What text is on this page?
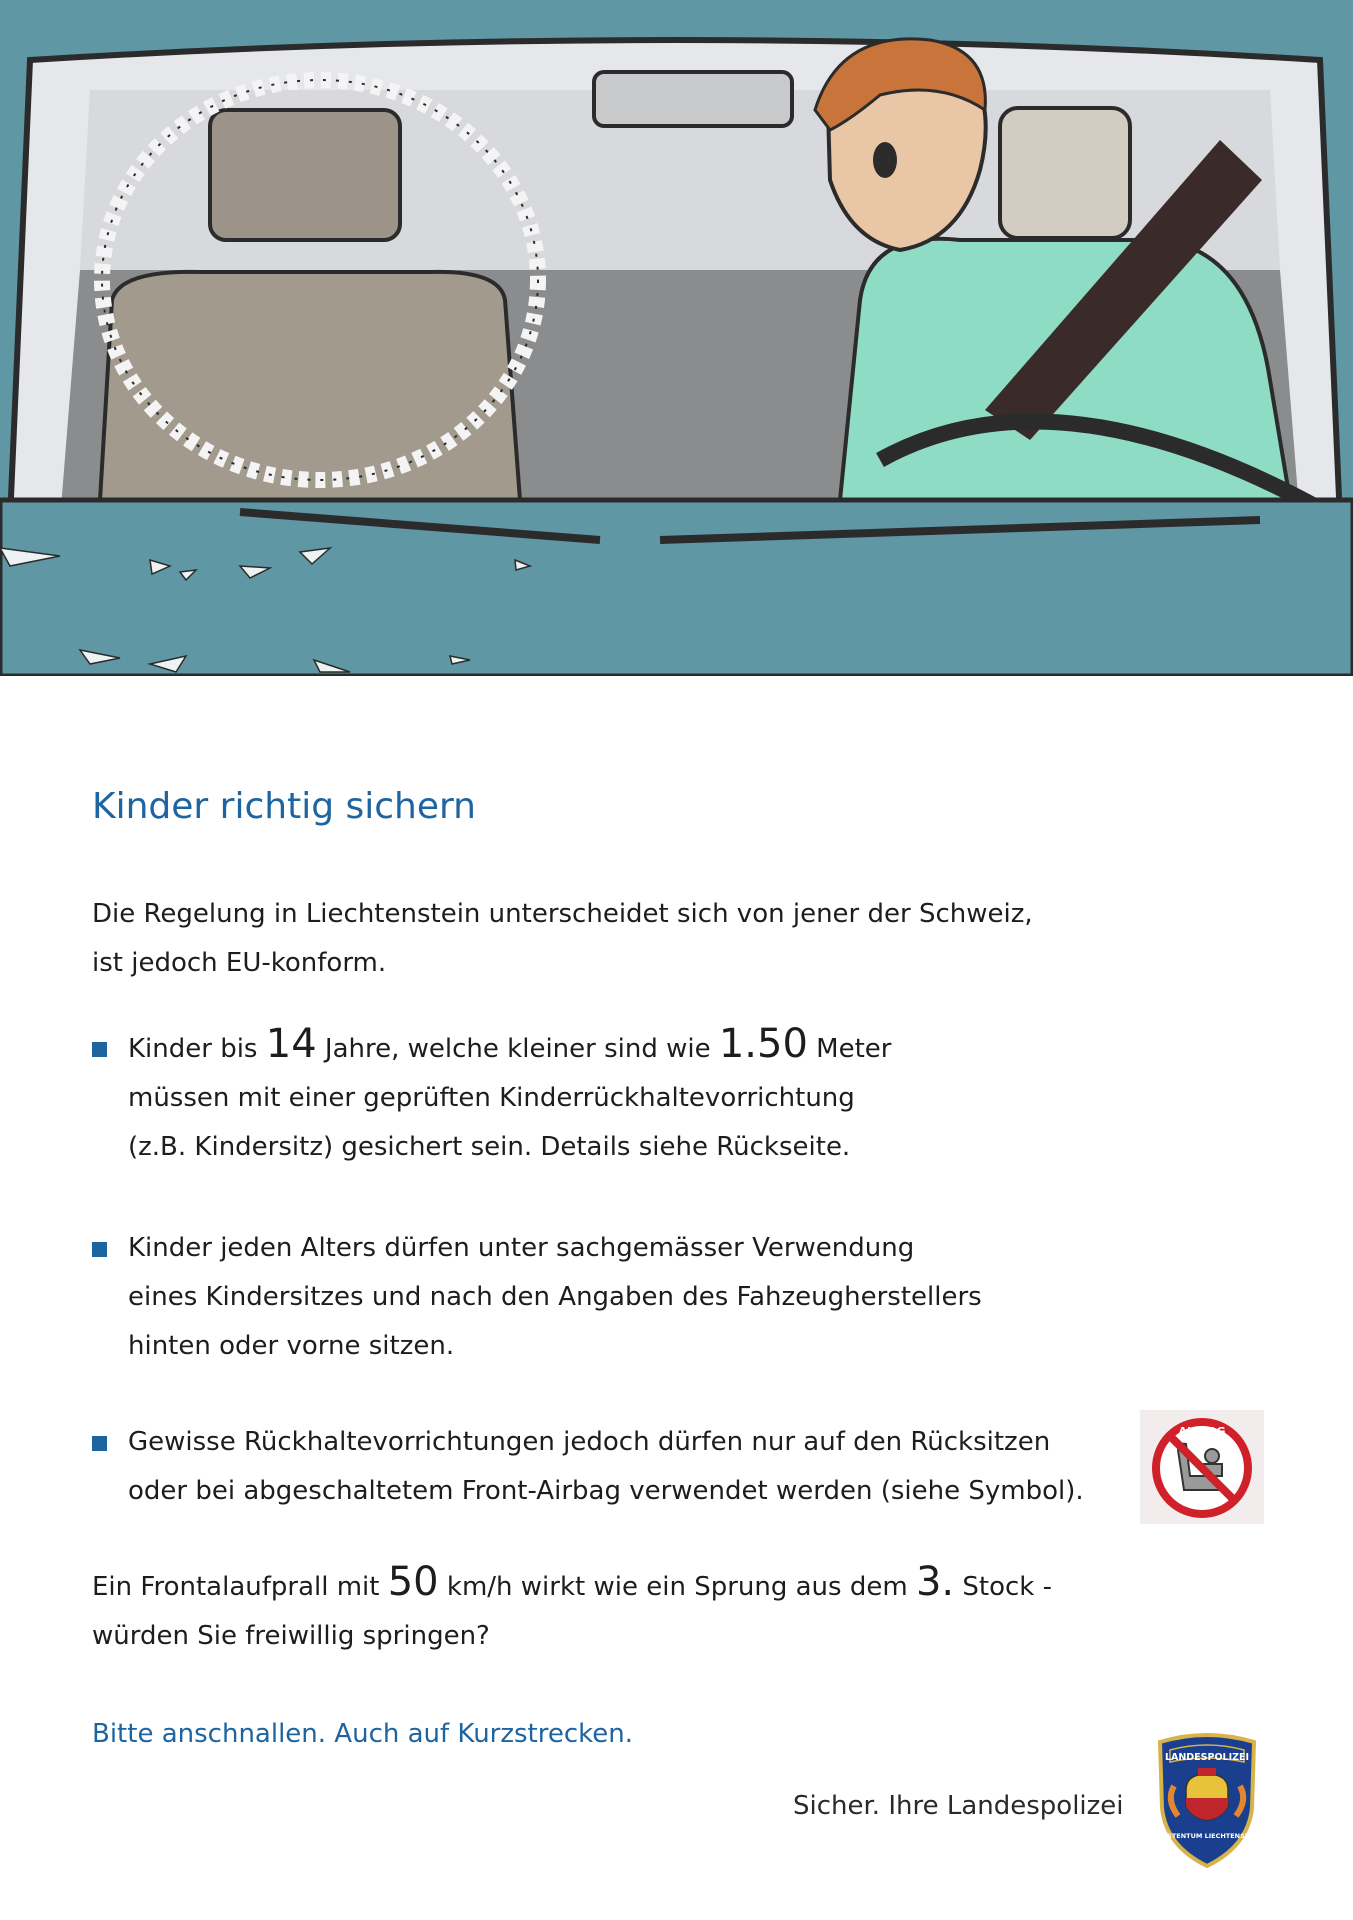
Kinder richtig sichern
Die Regelung in Liechtenstein unterscheidet sich von jener der Schweiz,
ist jedoch EU-konform.
Kinder bis 14 Jahre, welche kleiner sind wie 1.50 Meter
müssen mit einer geprüften Kinderrückhaltevorrichtung
(z.B. Kindersitz) gesichert sein. Details siehe Rückseite.
Kinder jeden Alters dürfen unter sachgemässer Verwendung
eines Kindersitzes und nach den Angaben des Fahzeugherstellers
hinten oder vorne sitzen.
Gewisse Rückhaltevorrichtungen jedoch dürfen nur auf den Rücksitzen
oder bei abgeschaltetem Front-Airbag verwendet werden (siehe Symbol).
AIRBAG
Ein Frontalaufprall mit 50 km/h wirkt wie ein Sprung aus dem 3. Stock -
würden Sie freiwillig springen?
Bitte anschnallen. Auch auf Kurzstrecken.
Sicher. Ihre Landespolizei
LANDESPOLIZEI
FÜRSTENTUM LIECHTENSTEIN
